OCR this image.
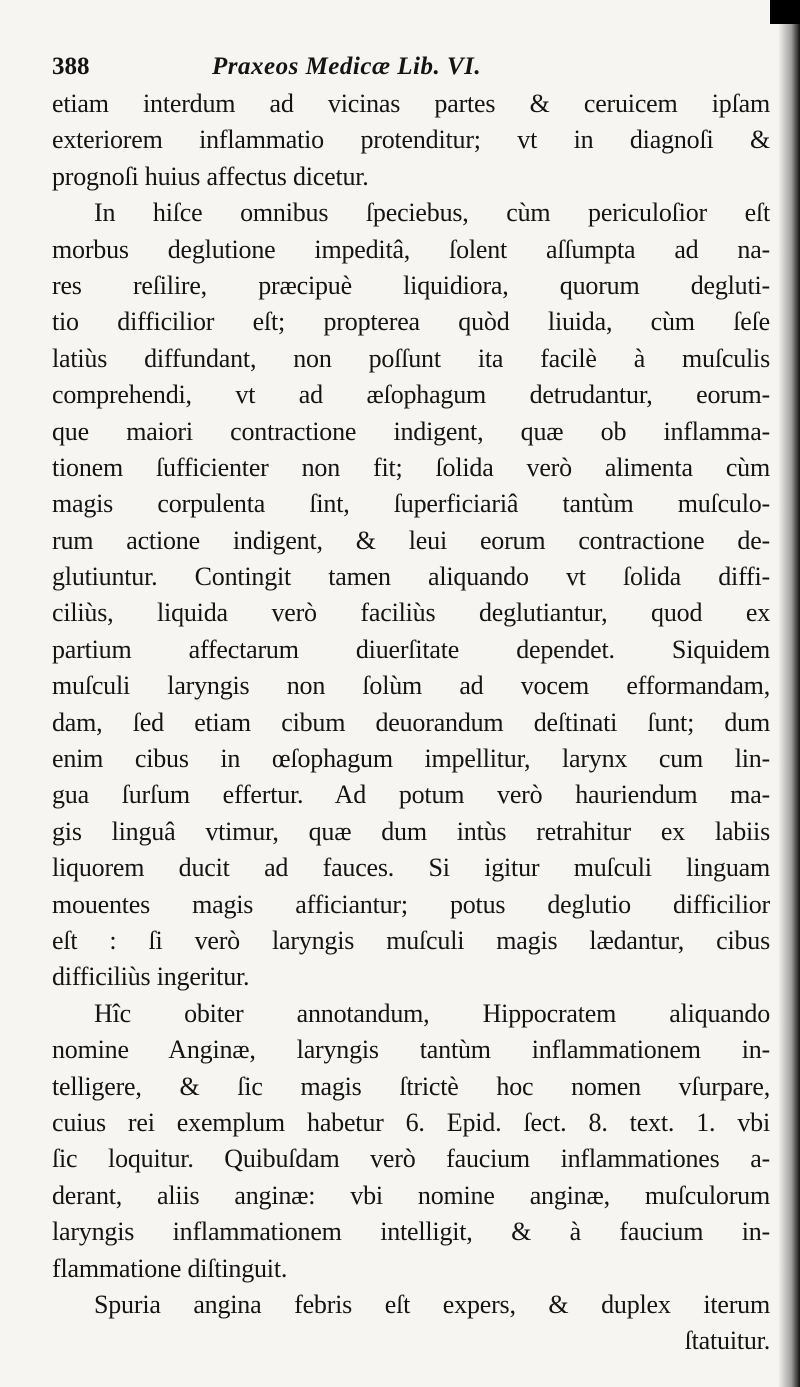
388	Praxeos Medicæ Lib. VI.
etiam interdum ad vicinas partes & ceruicem ipſam
exteriorem inflammatio protenditur; vt in diagnoſi &
prognoſi huius affectus dicetur.
In hiſce omnibus ſpeciebus, cùm periculoſior eſt
morbus deglutione impeditâ, ſolent aſſumpta ad na-
res reſilire, præcipuè liquidiora, quorum degluti-
tio difficilior eſt; propterea quòd liuida, cùm ſeſe
latiùs diffundant, non poſſunt ita facilè à muſculis
comprehendi, vt ad æſophagum detrudantur, eorum-
que maiori contractione indigent, quæ ob inflamma-
tionem ſufficienter non fit; ſolida verò alimenta cùm
magis corpulenta ſint, ſuperficiariâ tantùm muſculo-
rum actione indigent, & leui eorum contractione de-
glutiuntur. Contingit tamen aliquando vt ſolida diffi-
ciliùs, liquida verò faciliùs deglutiantur, quod ex
partium affectarum diuerſitate dependet. Siquidem
muſculi laryngis non ſolùm ad vocem efformandam,
dam, ſed etiam cibum deuorandum deſtinati ſunt; dum
enim cibus in œſophagum impellitur, larynx cum lin-
gua ſurſum effertur. Ad potum verò hauriendum ma-
gis linguâ vtimur, quæ dum intùs retrahitur ex labiis
liquorem ducit ad fauces. Si igitur muſculi linguam
mouentes magis afficiantur; potus deglutio difficilior
eſt : ſi verò laryngis muſculi magis lædantur, cibus
difficiliùs ingeritur.
Hîc obiter annotandum, Hippocratem aliquando
nomine Anginæ, laryngis tantùm inflammationem in-
telligere, & ſic magis ſtrictè hoc nomen vſurpare,
cuius rei exemplum habetur 6. Epid. ſect. 8. text. 1. vbi
ſic loquitur. Quibuſdam verò faucium inflammationes a-
derant, aliis anginæ: vbi nomine anginæ, muſculorum
laryngis inflammationem intelligit, & à faucium in-
flammatione diſtinguit.
Spuria angina febris eſt expers, & duplex iterum
ſtatuitur.
